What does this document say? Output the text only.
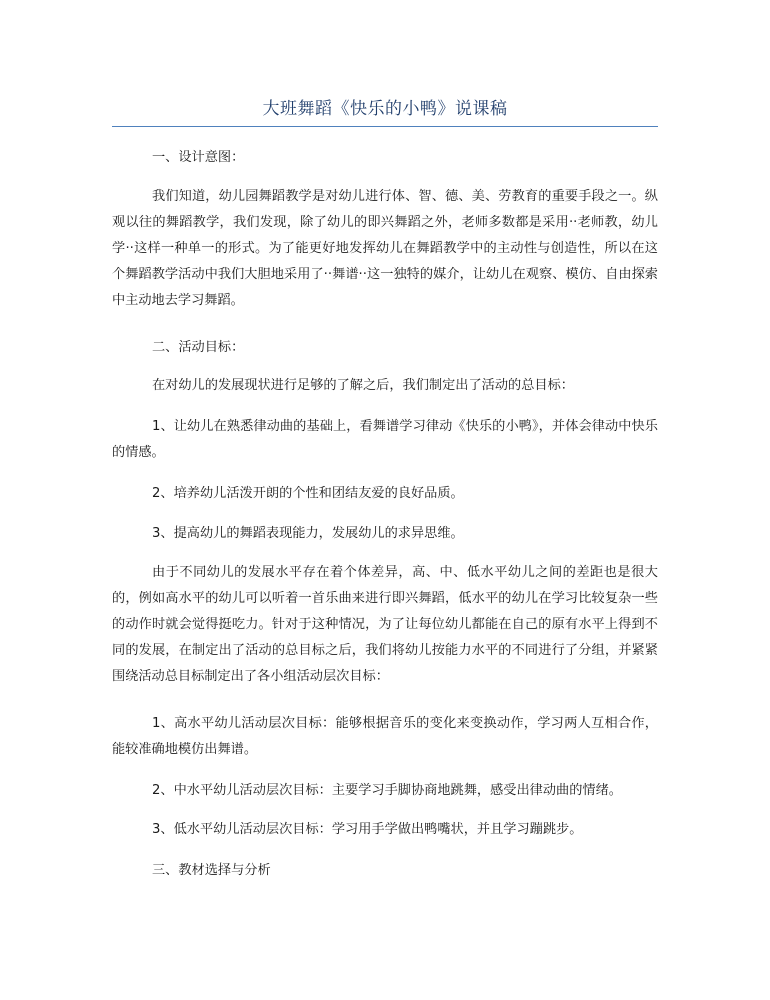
大班舞蹈《快乐的小鸭》说课稿

一、设计意图：

我们知道，幼儿园舞蹈教学是对幼儿进行体、智、德、美、劳教育的重要手段之一。纵观以往的舞蹈教学，我们发现，除了幼儿的即兴舞蹈之外，老师多数都是采用··老师教，幼儿学··这样一种单一的形式。为了能更好地发挥幼儿在舞蹈教学中的主动性与创造性，所以在这个舞蹈教学活动中我们大胆地采用了··舞谱··这一独特的媒介，让幼儿在观察、模仿、自由探索中主动地去学习舞蹈。

二、活动目标：

在对幼儿的发展现状进行足够的了解之后，我们制定出了活动的总目标：

1、让幼儿在熟悉律动曲的基础上，看舞谱学习律动《快乐的小鸭》，并体会律动中快乐的情感。

2、培养幼儿活泼开朗的个性和团结友爱的良好品质。

3、提高幼儿的舞蹈表现能力，发展幼儿的求异思维。

由于不同幼儿的发展水平存在着个体差异，高、中、低水平幼儿之间的差距也是很大的，例如高水平的幼儿可以听着一首乐曲来进行即兴舞蹈，低水平的幼儿在学习比较复杂一些的动作时就会觉得挺吃力。针对于这种情况，为了让每位幼儿都能在自己的原有水平上得到不同的发展，在制定出了活动的总目标之后，我们将幼儿按能力水平的不同进行了分组，并紧紧围绕活动总目标制定出了各小组活动层次目标：

1、高水平幼儿活动层次目标：能够根据音乐的变化来变换动作，学习两人互相合作，能较准确地模仿出舞谱。

2、中水平幼儿活动层次目标：主要学习手脚协商地跳舞，感受出律动曲的情绪。

3、低水平幼儿活动层次目标：学习用手学做出鸭嘴状，并且学习蹦跳步。

三、教材选择与分析
